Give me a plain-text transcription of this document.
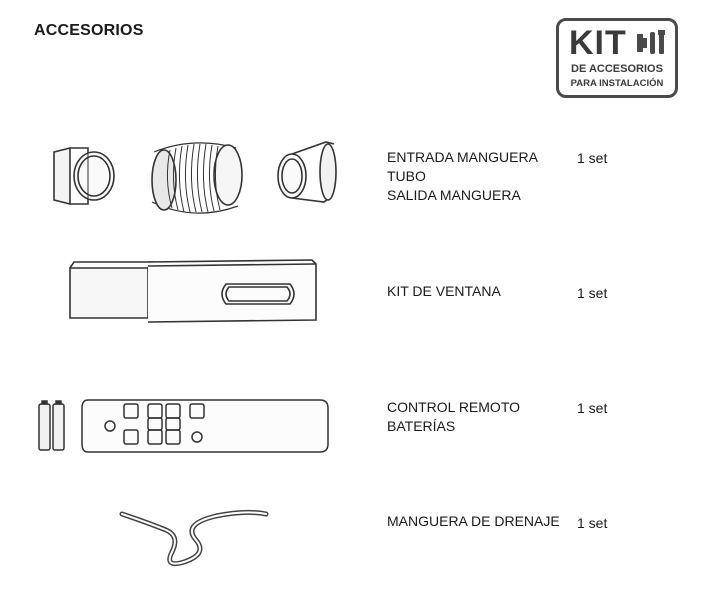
ACCESORIOS	KIT
DE ACCESORIOS
PARA INSTALACIÓN
ENTRADA MANGUERA
TUBO
SALIDA MANGUERA
1 set
KIT DE VENTANA	1 set
CONTROL REMOTO
BATERÍAS
1 set
MANGUERA DE DRENAJE 1 set
